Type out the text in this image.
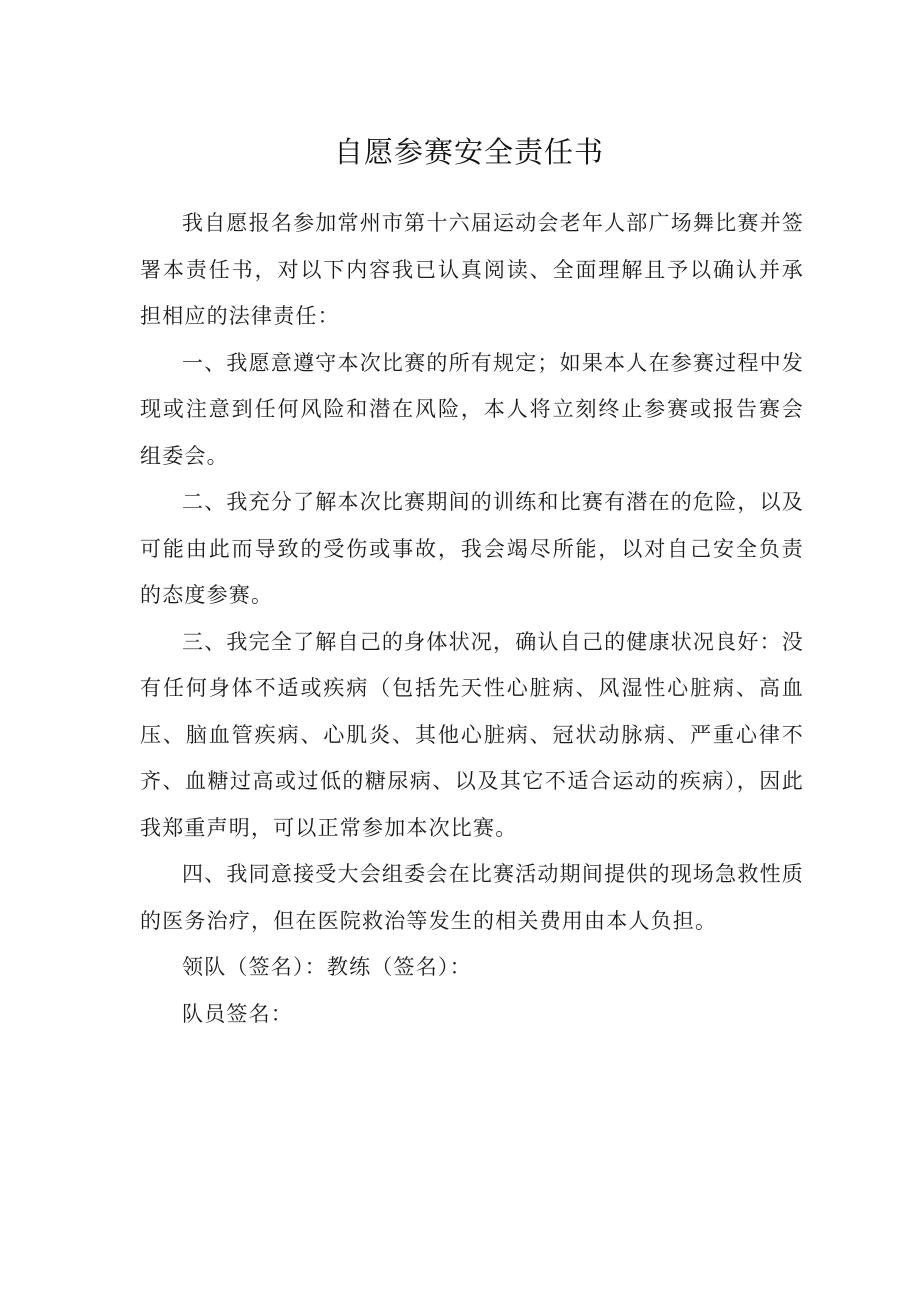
自愿参赛安全责任书

我自愿报名参加常州市第十六届运动会老年人部广场舞比赛并签署本责任书，对以下内容我已认真阅读、全面理解且予以确认并承担相应的法律责任：

一、我愿意遵守本次比赛的所有规定；如果本人在参赛过程中发现或注意到任何风险和潜在风险，本人将立刻终止参赛或报告赛会组委会。

二、我充分了解本次比赛期间的训练和比赛有潜在的危险，以及可能由此而导致的受伤或事故，我会竭尽所能，以对自己安全负责的态度参赛。

三、我完全了解自己的身体状况，确认自己的健康状况良好：没有任何身体不适或疾病（包括先天性心脏病、风湿性心脏病、高血压、脑血管疾病、心肌炎、其他心脏病、冠状动脉病、严重心律不齐、血糖过高或过低的糖尿病、以及其它不适合运动的疾病），因此我郑重声明，可以正常参加本次比赛。

四、我同意接受大会组委会在比赛活动期间提供的现场急救性质的医务治疗，但在医院救治等发生的相关费用由本人负担。

领队（签名）：教练（签名）：

队员签名：
